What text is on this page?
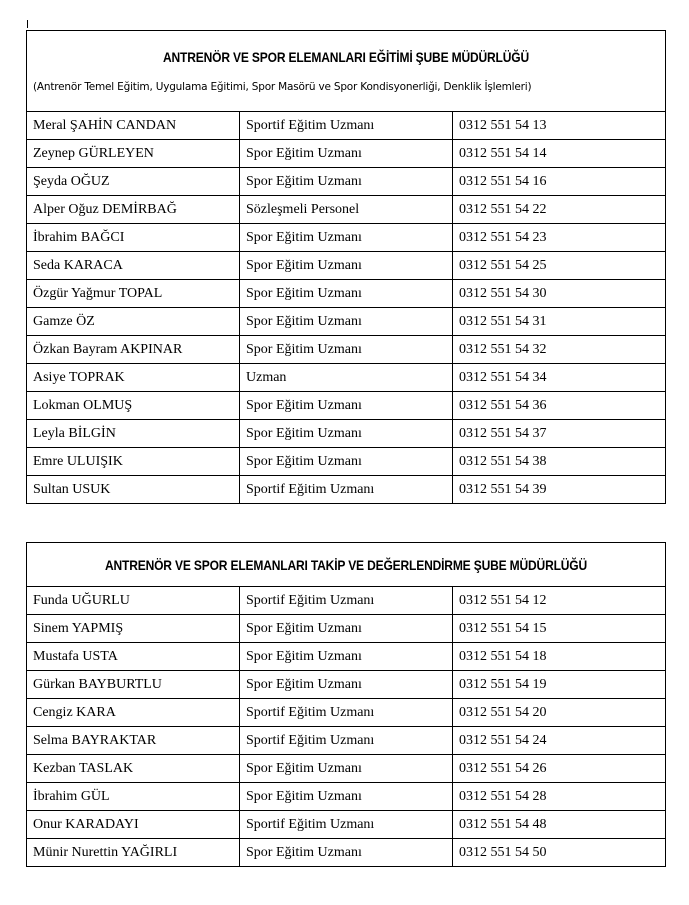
ANTRENÖR VE SPOR ELEMANLARI EĞİTİMİ ŞUBE MÜDÜRLÜĞÜ
(Antrenör Temel Eğitim, Uygulama Eğitimi, Spor Masörü ve Spor Kondisyonerliği, Denklik İşlemleri)		

Meral ŞAHİN CANDAN	Sportif Eğitim Uzmanı	0312 551 54 13
Zeynep GÜRLEYEN	Spor Eğitim Uzmanı	0312 551 54 14
Şeyda OĞUZ	Spor Eğitim Uzmanı	0312 551 54 16
Alper Oğuz DEMİRBAĞ	Sözleşmeli Personel	0312 551 54 22
İbrahim BAĞCI	Spor Eğitim Uzmanı	0312 551 54 23
Seda KARACA	Spor Eğitim Uzmanı	0312 551 54 25
Özgür Yağmur TOPAL	Spor Eğitim Uzmanı	0312 551 54 30
Gamze ÖZ	Spor Eğitim Uzmanı	0312 551 54 31
Özkan Bayram AKPINAR	Spor Eğitim Uzmanı	0312 551 54 32
Asiye TOPRAK	Uzman	0312 551 54 34
Lokman OLMUŞ	Spor Eğitim Uzmanı	0312 551 54 36
Leyla BİLGİN	Spor Eğitim Uzmanı	0312 551 54 37
Emre ULUIŞIK	Spor Eğitim Uzmanı	0312 551 54 38
Sultan USUK	Sportif Eğitim Uzmanı	0312 551 54 39
ANTRENÖR VE SPOR ELEMANLARI TAKİP VE DEĞERLENDİRME ŞUBE MÜDÜRLÜĞÜ		

Funda UĞURLU	Sportif Eğitim Uzmanı	0312 551 54 12
Sinem YAPMIŞ	Spor Eğitim Uzmanı	0312 551 54 15
Mustafa USTA	Spor Eğitim Uzmanı	0312 551 54 18
Gürkan BAYBURTLU	Spor Eğitim Uzmanı	0312 551 54 19
Cengiz KARA	Sportif Eğitim Uzmanı	0312 551 54 20
Selma BAYRAKTAR	Sportif Eğitim Uzmanı	0312 551 54 24
Kezban TASLAK	Spor Eğitim Uzmanı	0312 551 54 26
İbrahim GÜL	Spor Eğitim Uzmanı	0312 551 54 28
Onur KARADAYI	Sportif Eğitim Uzmanı	0312 551 54 48
Münir Nurettin YAĞIRLI	Spor Eğitim Uzmanı	0312 551 54 50
